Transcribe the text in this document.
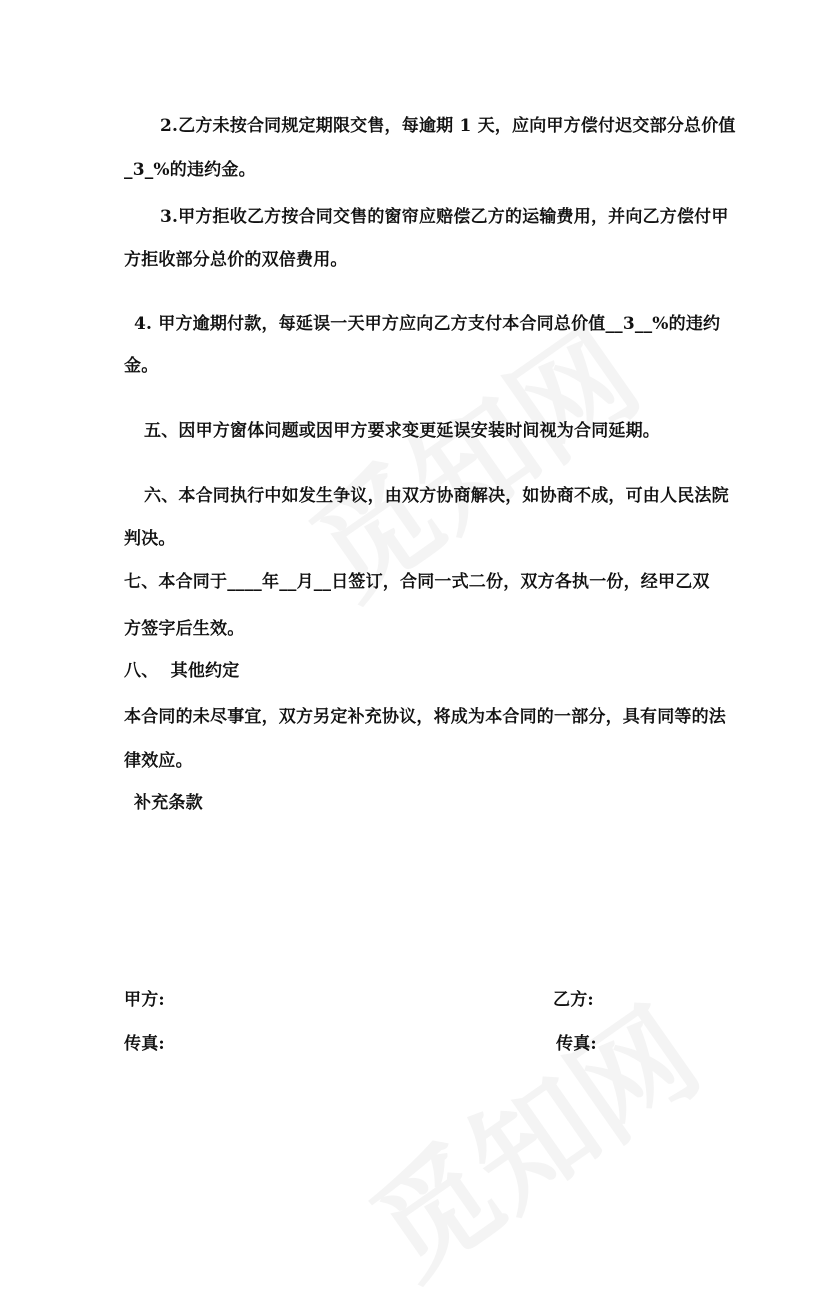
2.乙方未按合同规定期限交售，每逾期 1 天，应向甲方偿付迟交部分总价值
_3_%的违约金。
3.甲方拒收乙方按合同交售的窗帘应赔偿乙方的运输费用，并向乙方偿付甲
方拒收部分总价的双倍费用。
4. 甲方逾期付款，每延误一天甲方应向乙方支付本合同总价值__3__%的违约
金。
五、因甲方窗体问题或因甲方要求变更延误安装时间视为合同延期。
六、本合同执行中如发生争议，由双方协商解决，如协商不成，可由人民法院
判决。
七、本合同于____年__月__日签订，合同一式二份，双方各执一份，经甲乙双
方签字后生效。
八、  其他约定
本合同的未尽事宜，双方另定补充协议，将成为本合同的一部分，具有同等的法
律效应。
补充条款
甲方:	乙方:
传真:	传真:
